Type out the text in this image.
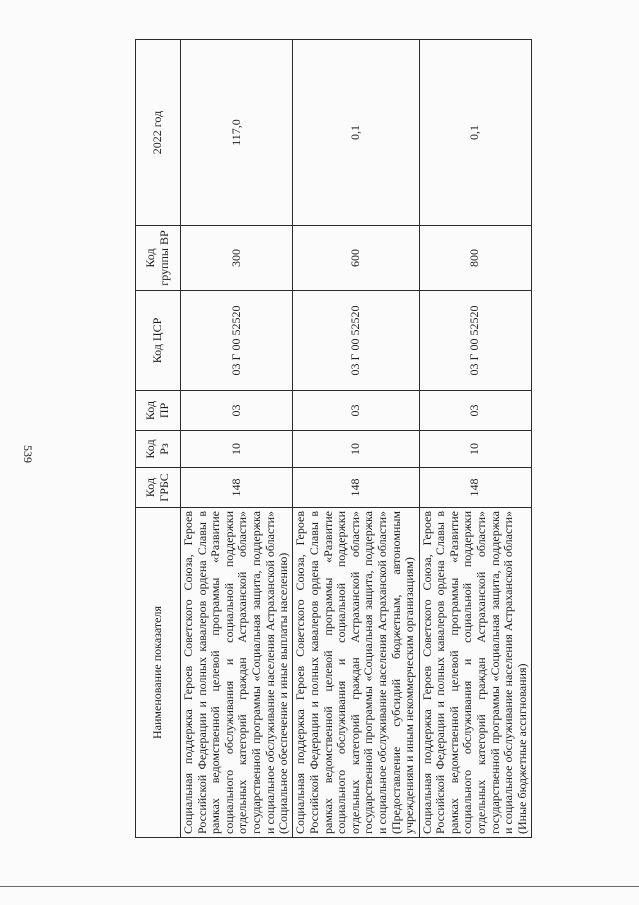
539
Наименование показателя	Код ГРБС	Код Рз	Код ПР	Код ЦСР	Код группы ВР	2022 год
Социальная поддержка Героев Советского Союза, Героев Российской Федерации и полных кавалеров ордена Славы в рамках ведомственной целевой программы «Развитие социального обслуживания и социальной поддержки отдельных категорий граждан Астраханской области» государственной программы «Социальная защита, поддержка и социальное обслуживание населения Астраханской области» (Социальное обеспечение и иные выплаты населению)	148	10	03	03 Г 00 52520	300	117,0
Социальная поддержка Героев Советского Союза, Героев Российской Федерации и полных кавалеров ордена Славы в рамках ведомственной целевой программы «Развитие социального обслуживания и социальной поддержки отдельных категорий граждан Астраханской области» государственной программы «Социальная защита, поддержка и социальное обслуживание населения Астраханской области» (Предоставление субсидий бюджетным, автономным учреждениям и иным некоммерческим организациям)	148	10	03	03 Г 00 52520	600	0,1
Социальная поддержка Героев Советского Союза, Героев Российской Федерации и полных кавалеров ордена Славы в рамках ведомственной целевой программы «Развитие социального обслуживания и социальной поддержки отдельных категорий граждан Астраханской области» государственной программы «Социальная защита, поддержка и социальное обслуживание населения Астраханской области» (Иные бюджетные ассигнования)	148	10	03	03 Г 00 52520	800	0,1
